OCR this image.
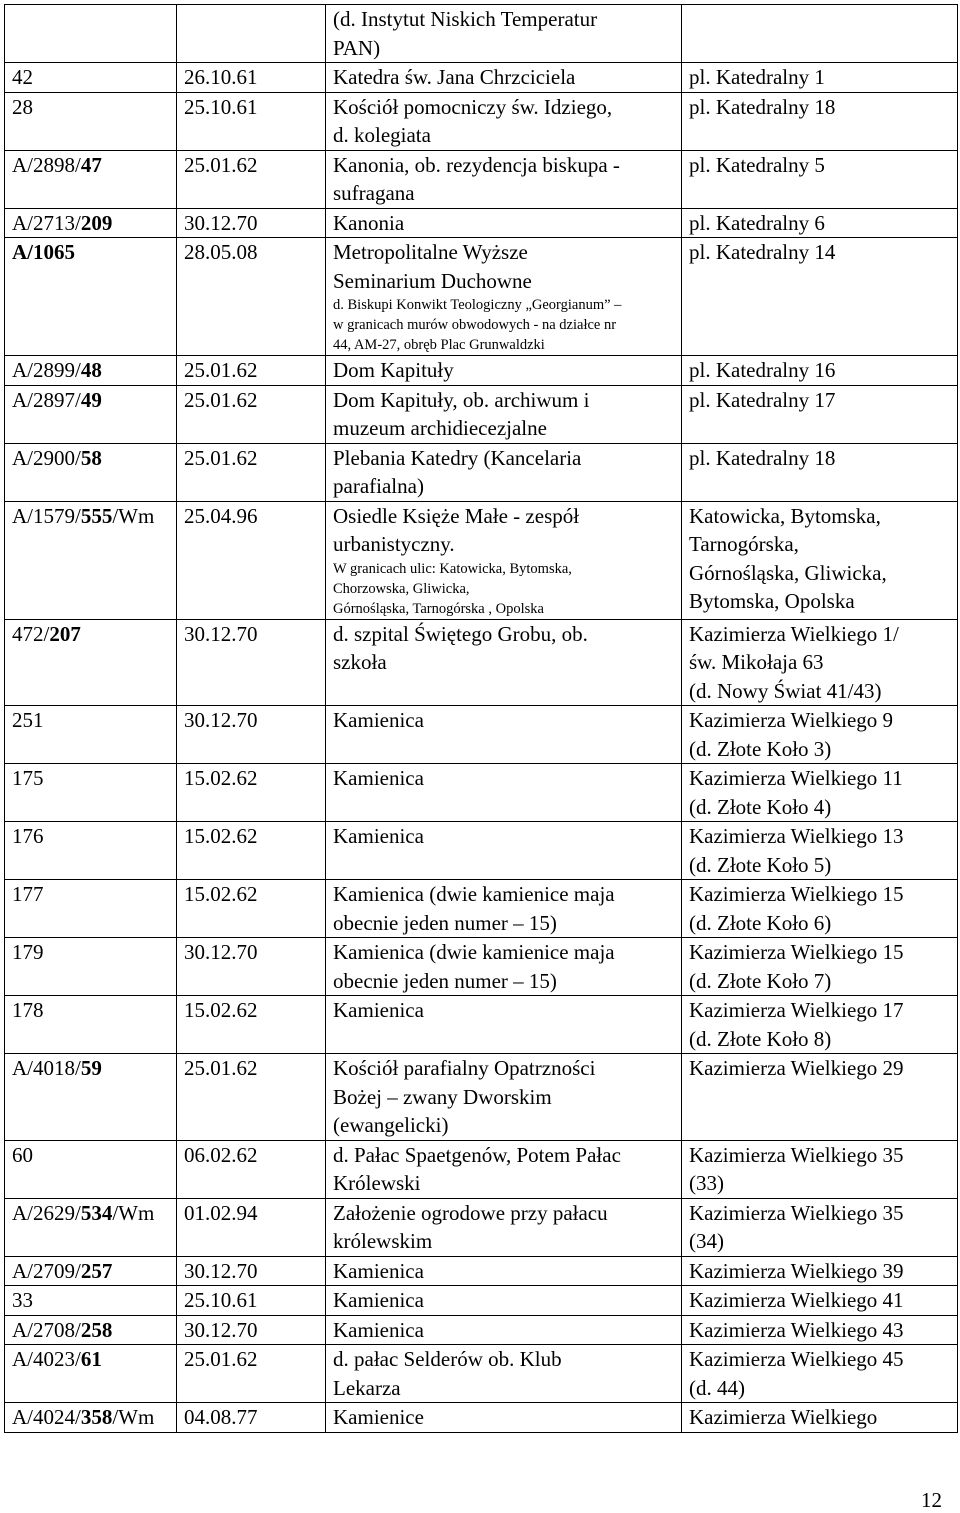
		(d. Instytut Niskich Temperatur
PAN)	

42	26.10.61	Katedra św. Jana Chrzciciela	pl. Katedralny 1

28	25.10.61	Kościół pomocniczy św. Idziego,
d. kolegiata	pl. Katedralny 18

A/2898/47	25.01.62	Kanonia, ob. rezydencja biskupa -
sufragana	pl. Katedralny 5

A/2713/209	30.12.70	Kanonia	pl. Katedralny 6

A/1065	28.05.08	Metropolitalne Wyższe
Seminarium Duchowne
d. Biskupi Konwikt Teologiczny „Georgianum” –
w granicach murów obwodowych - na działce nr
44, AM-27, obręb Plac Grunwaldzki	pl. Katedralny 14

A/2899/48	25.01.62	Dom Kapituły	pl. Katedralny 16

A/2897/49	25.01.62	Dom Kapituły, ob. archiwum i
muzeum archidiecezjalne	pl. Katedralny 17

A/2900/58	25.01.62	Plebania Katedry (Kancelaria
parafialna)	pl. Katedralny 18

A/1579/555/Wm	25.04.96	Osiedle Księże Małe - zespół
urbanistyczny.
W granicach ulic: Katowicka, Bytomska,
Chorzowska, Gliwicka,
Górnośląska, Tarnogórska , Opolska	Katowicka, Bytomska,
Tarnogórska,
Górnośląska, Gliwicka,
Bytomska, Opolska

472/207	30.12.70	d. szpital Świętego Grobu, ob.
szkoła	Kazimierza Wielkiego 1/
św. Mikołaja 63
(d. Nowy Świat 41/43)

251	30.12.70	Kamienica	Kazimierza Wielkiego 9
(d. Złote Koło 3)

175	15.02.62	Kamienica	Kazimierza Wielkiego 11
(d. Złote Koło 4)

176	15.02.62	Kamienica	Kazimierza Wielkiego 13
(d. Złote Koło 5)

177	15.02.62	Kamienica (dwie kamienice maja
obecnie jeden numer – 15)	Kazimierza Wielkiego 15
(d. Złote Koło 6)

179	30.12.70	Kamienica (dwie kamienice maja
obecnie jeden numer – 15)	Kazimierza Wielkiego 15
(d. Złote Koło 7)

178	15.02.62	Kamienica	Kazimierza Wielkiego 17
(d. Złote Koło 8)

A/4018/59	25.01.62	Kościół parafialny Opatrzności
Bożej – zwany Dworskim
(ewangelicki)	Kazimierza Wielkiego 29

60	06.02.62	d. Pałac Spaetgenów, Potem Pałac
Królewski	Kazimierza Wielkiego 35
(33)

A/2629/534/Wm	01.02.94	Założenie ogrodowe przy pałacu
królewskim	Kazimierza Wielkiego 35
(34)

A/2709/257	30.12.70	Kamienica	Kazimierza Wielkiego 39

33	25.10.61	Kamienica	Kazimierza Wielkiego 41

A/2708/258	30.12.70	Kamienica	Kazimierza Wielkiego 43

A/4023/61	25.01.62	d. pałac Selderów ob. Klub
Lekarza	Kazimierza Wielkiego 45
(d. 44)

A/4024/358/Wm	04.08.77	Kamienice	Kazimierza Wielkiego
12
